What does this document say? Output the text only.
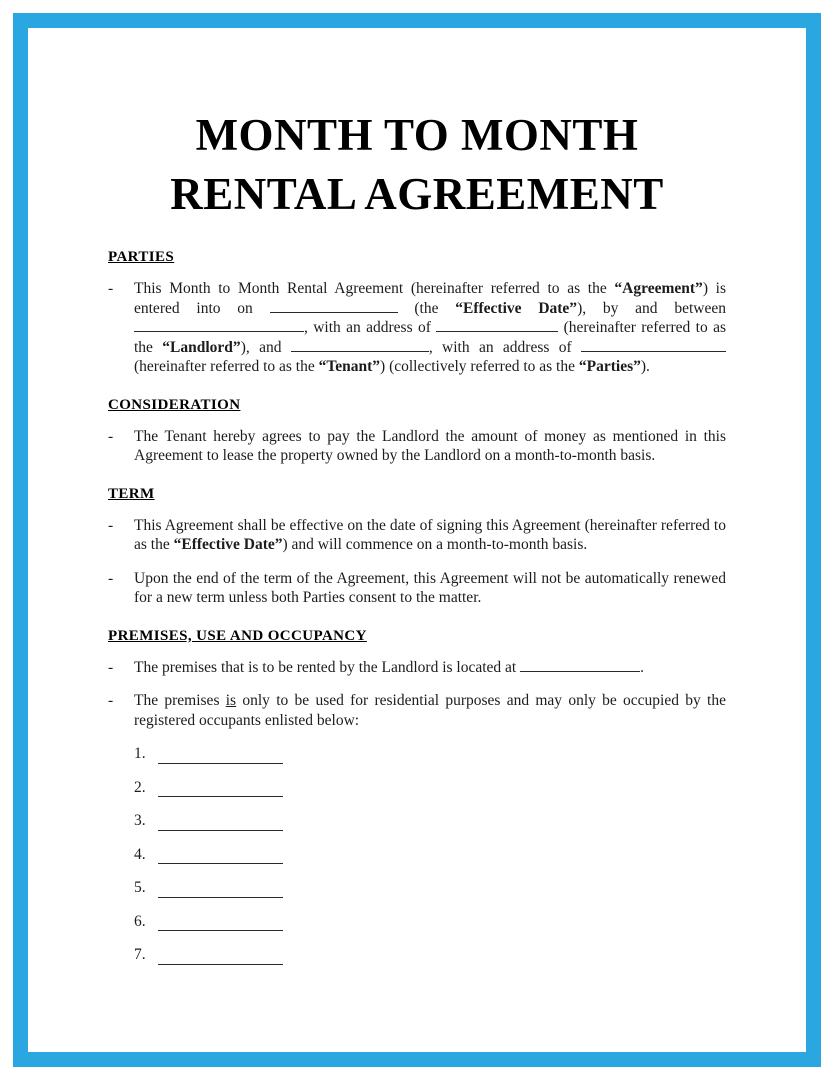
MONTH TO MONTH
RENTAL AGREEMENT
PARTIES
-	This Month to Month Rental Agreement (hereinafter referred to as the “Agreement”) is entered into on	(the “Effective Date”), by and between , with an address of	(hereinafter referred to as the “Landlord”), and	, with an address of  (hereinafter referred to as the “Tenant”) (collectively referred to as the “Parties”).
CONSIDERATION
-	The Tenant hereby agrees to pay the Landlord the amount of money as mentioned in this Agreement to lease the property owned by the Landlord on a month-to-month basis.
TERM
-	This Agreement shall be effective on the date of signing this Agreement (hereinafter referred to as the “Effective Date”) and will commence on a month-to-month basis.
-	Upon the end of the term of the Agreement, this Agreement will not be automatically renewed for a new term unless both Parties consent to the matter.
PREMISES, USE AND OCCUPANCY
-	The premises that is to be rented by the Landlord is located at	.
-	The premises is only to be used for residential purposes and may only be occupied by the registered occupants enlisted below:
1.
2.
3.
4.
5.
6.
7.
